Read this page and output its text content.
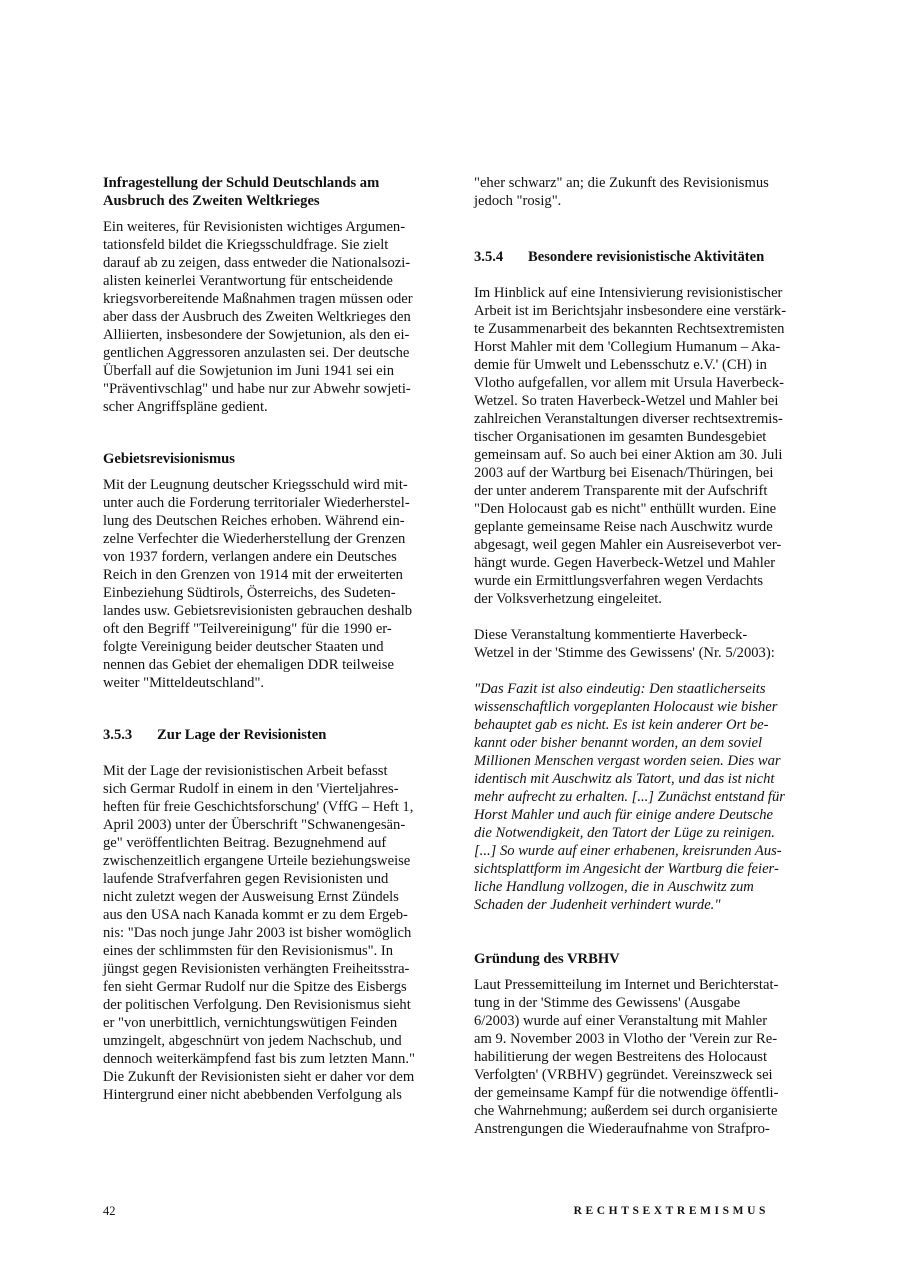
Infragestellung der Schuld Deutschlands am
Ausbruch des Zweiten Weltkrieges
Ein weiteres, für Revisionisten wichtiges Argumen-
tationsfeld bildet die Kriegsschuldfrage. Sie zielt
darauf ab zu zeigen, dass entweder die Nationalsozi-
alisten keinerlei Verantwortung für entscheidende
kriegsvorbereitende Maßnahmen tragen müssen oder
aber dass der Ausbruch des Zweiten Weltkrieges den
Alliierten, insbesondere der Sowjetunion, als den ei-
gentlichen Aggressoren anzulasten sei. Der deutsche
Überfall auf die Sowjetunion im Juni 1941 sei ein
"Präventivschlag" und habe nur zur Abwehr sowjeti-
scher Angriffspläne gedient.
Gebietsrevisionismus
Mit der Leugnung deutscher Kriegsschuld wird mit-
unter auch die Forderung territorialer Wiederherstel-
lung des Deutschen Reiches erhoben. Während ein-
zelne Verfechter die Wiederherstellung der Grenzen
von 1937 fordern, verlangen andere ein Deutsches
Reich in den Grenzen von 1914 mit der erweiterten
Einbeziehung Südtirols, Österreichs, des Sudeten-
landes usw. Gebietsrevisionisten gebrauchen deshalb
oft den Begriff "Teilvereinigung" für die 1990 er-
folgte Vereinigung beider deutscher Staaten und
nennen das Gebiet der ehemaligen DDR teilweise
weiter "Mitteldeutschland".
3.5.3	Zur Lage der Revisionisten
Mit der Lage der revisionistischen Arbeit befasst
sich Germar Rudolf in einem in den 'Vierteljahres-
heften für freie Geschichtsforschung' (VffG – Heft 1,
April 2003) unter der Überschrift "Schwanengesän-
ge" veröffentlichten Beitrag. Bezugnehmend auf
zwischenzeitlich ergangene Urteile beziehungsweise
laufende Strafverfahren gegen Revisionisten und
nicht zuletzt wegen der Ausweisung Ernst Zündels
aus den USA nach Kanada kommt er zu dem Ergeb-
nis: "Das noch junge Jahr 2003 ist bisher womöglich
eines der schlimmsten für den Revisionismus". In
jüngst gegen Revisionisten verhängten Freiheitsstra-
fen sieht Germar Rudolf nur die Spitze des Eisbergs
der politischen Verfolgung. Den Revisionismus sieht
er "von unerbittlich, vernichtungswütigen Feinden
umzingelt, abgeschnürt von jedem Nachschub, und
dennoch weiterkämpfend fast bis zum letzten Mann."
Die Zukunft der Revisionisten sieht er daher vor dem
Hintergrund einer nicht abebbenden Verfolgung als
"eher schwarz" an; die Zukunft des Revisionismus
jedoch "rosig".
3.5.4	Besondere revisionistische Aktivitäten
Im Hinblick auf eine Intensivierung revisionistischer
Arbeit ist im Berichtsjahr insbesondere eine verstärk-
te Zusammenarbeit des bekannten Rechtsextremisten
Horst Mahler mit dem 'Collegium Humanum – Aka-
demie für Umwelt und Lebensschutz e.V.' (CH) in
Vlotho aufgefallen, vor allem mit Ursula Haverbeck-
Wetzel. So traten Haverbeck-Wetzel und Mahler bei
zahlreichen Veranstaltungen diverser rechtsextremis-
tischer Organisationen im gesamten Bundesgebiet
gemeinsam auf. So auch bei einer Aktion am 30. Juli
2003 auf der Wartburg bei Eisenach/Thüringen, bei
der unter anderem Transparente mit der Aufschrift
"Den Holocaust gab es nicht" enthüllt wurden. Eine
geplante gemeinsame Reise nach Auschwitz wurde
abgesagt, weil gegen Mahler ein Ausreiseverbot ver-
hängt wurde. Gegen Haverbeck-Wetzel und Mahler
wurde ein Ermittlungsverfahren wegen Verdachts
der Volksverhetzung eingeleitet.
Diese Veranstaltung kommentierte Haverbeck-
Wetzel in der 'Stimme des Gewissens' (Nr. 5/2003):
"Das Fazit ist also eindeutig: Den staatlicherseits
wissenschaftlich vorgeplanten Holocaust wie bisher
behauptet gab es nicht. Es ist kein anderer Ort be-
kannt oder bisher benannt worden, an dem soviel
Millionen Menschen vergast worden seien. Dies war
identisch mit Auschwitz als Tatort, und das ist nicht
mehr aufrecht zu erhalten. [...] Zunächst entstand für
Horst Mahler und auch für einige andere Deutsche
die Notwendigkeit, den Tatort der Lüge zu reinigen.
[...] So wurde auf einer erhabenen, kreisrunden Aus-
sichtsplattform im Angesicht der Wartburg die feier-
liche Handlung vollzogen, die in Auschwitz zum
Schaden der Judenheit verhindert wurde."
Gründung des VRBHV
Laut Pressemitteilung im Internet und Berichterstat-
tung in der 'Stimme des Gewissens' (Ausgabe
6/2003) wurde auf einer Veranstaltung mit Mahler
am 9. November 2003 in Vlotho der 'Verein zur Re-
habilitierung der wegen Bestreitens des Holocaust
Verfolgten' (VRBHV) gegründet. Vereinszweck sei
der gemeinsame Kampf für die notwendige öffentli-
che Wahrnehmung; außerdem sei durch organisierte
Anstrengungen die Wiederaufnahme von Strafpro-
42	RECHTSEXTREMISMUS
